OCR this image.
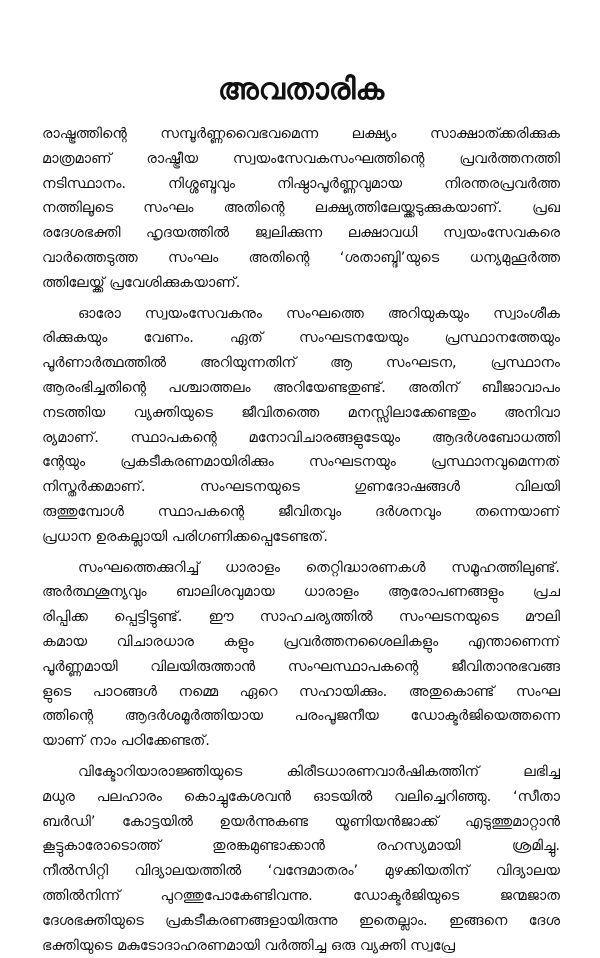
അവതാരിക
രാഷ്ട്രത്തിന്റെ സമ്പൂർണ്ണവൈഭവമെന്ന ലക്ഷ്യം സാക്ഷാത്ക്കരിക്കുക
മാത്രമാണ് രാഷ്ട്രീയ സ്വയംസേവകസംഘത്തിന്റെ പ്രവർത്തനത്തി
നടിസ്ഥാനം. നിശ്ശബ്ദവും നിഷ്ഠാപൂർണ്ണവുമായ നിരന്തരപ്രവർത്ത
നത്തിലൂടെ സംഘം അതിന്റെ ലക്ഷ്യത്തിലേയ്ക്കടുക്കുകയാണ്. പ്രഖ
രദേശഭക്തി ഹൃദയത്തിൽ ജ്വലിക്കുന്ന ലക്ഷാവധി സ്വയംസേവകരെ
വാർത്തെടുത്ത സംഘം അതിന്റെ ‘ശതാബ്ദി’യുടെ ധന്യമുഹൂർത്ത
ത്തിലേയ്ക്ക് പ്രവേശിക്കുകയാണ്.
ഓരോ സ്വയംസേവകനും സംഘത്തെ അറിയുകയും സ്വാംശീക
രിക്കുകയും വേണം. ഏത് സംഘടനയേയും പ്രസ്ഥാനത്തേയും
പൂർണാർത്ഥത്തിൽ അറിയുന്നതിന് ആ സംഘടന, പ്രസ്ഥാനം
ആരംഭിച്ചതിന്റെ പശ്ചാത്തലം അറിയേണ്ടതുണ്ട്. അതിന് ബീജാവാപം
നടത്തിയ വ്യക്തിയുടെ ജീവിതത്തെ മനസ്സിലാക്കേണ്ടതും അനിവാ
ര്യമാണ്. സ്ഥാപകന്റെ മനോവിചാരങ്ങളുടേയും ആദർശബോധത്തി
ന്റേയും പ്രകടീകരണമായിരിക്കും സംഘടനയും പ്രസ്ഥാനവുമെന്നത്
നിസ്തർക്കമാണ്. സംഘടനയുടെ ഗുണദോഷങ്ങൾ വിലയി
രുത്തുമ്പോൾ സ്ഥാപകന്റെ ജീവിതവും ദർശനവും തന്നെയാണ്
പ്രധാന ഉരകല്ലായി പരിഗണിക്കപ്പെടേണ്ടത്.
സംഘത്തെക്കുറിച്ച് ധാരാളം തെറ്റിദ്ധാരണകൾ സമൂഹത്തിലുണ്ട്.
അർത്ഥശൂന്യവും ബാലിശവുമായ ധാരാളം ആരോപണങ്ങളും പ്രച
രിപ്പിക്ക പ്പെട്ടിട്ടുണ്ട്. ഈ സാഹചര്യത്തിൽ സംഘടനയുടെ മൗലി
കമായ വിചാരധാര കളും പ്രവർത്തനശൈലികളും എന്താണെന്ന്
പൂർണ്ണമായി വിലയിരുത്താൻ സംഘസ്ഥാപകന്റെ ജീവിതാനുഭവങ്ങ
ളുടെ പാഠങ്ങൾ നമ്മെ ഏറെ സഹായിക്കും. അതുകൊണ്ട് സംഘ
ത്തിന്റെ ആദർശമൂർത്തിയായ പരംപൂജനീയ ഡോക്ടർജിയെത്തന്നെ
യാണ് നാം പഠിക്കേണ്ടത്.
വിക്ടോറിയാരാജ്ഞിയുടെ കിരീടധാരണവാർഷികത്തിന് ലഭിച്ച
മധുര പലഹാരം കൊച്ചുകേശവൻ ഓടയിൽ വലിച്ചെറിഞ്ഞു. ‘സീതാ
ബർഡി’ കോട്ടയിൽ ഉയർന്നുകണ്ട യൂണിയൻജാക്ക് എടുത്തുമാറ്റാൻ
കൂട്ടുകാരോടൊത്ത് തുരങ്കമുണ്ടാക്കാൻ രഹസ്യമായി ശ്രമിച്ചു.
നീൽസിറ്റി വിദ്യാലയത്തിൽ ‘വന്ദേമാതരം’ മുഴക്കിയതിന് വിദ്യാലയ
ത്തിൽനിന്ന് പുറത്തുപോകേണ്ടിവന്നു. ഡോക്ടർജിയുടെ ജന്മജാത
ദേശഭക്തിയുടെ പ്രകടീകരണങ്ങളായിരുന്നു ഇതെല്ലാം. ഇങ്ങനെ ദേശ
ഭക്തിയുടെ മകുടോദാഹരണമായി വർത്തിച്ച ഒരു വ്യക്തി സ്വപ്രേ
